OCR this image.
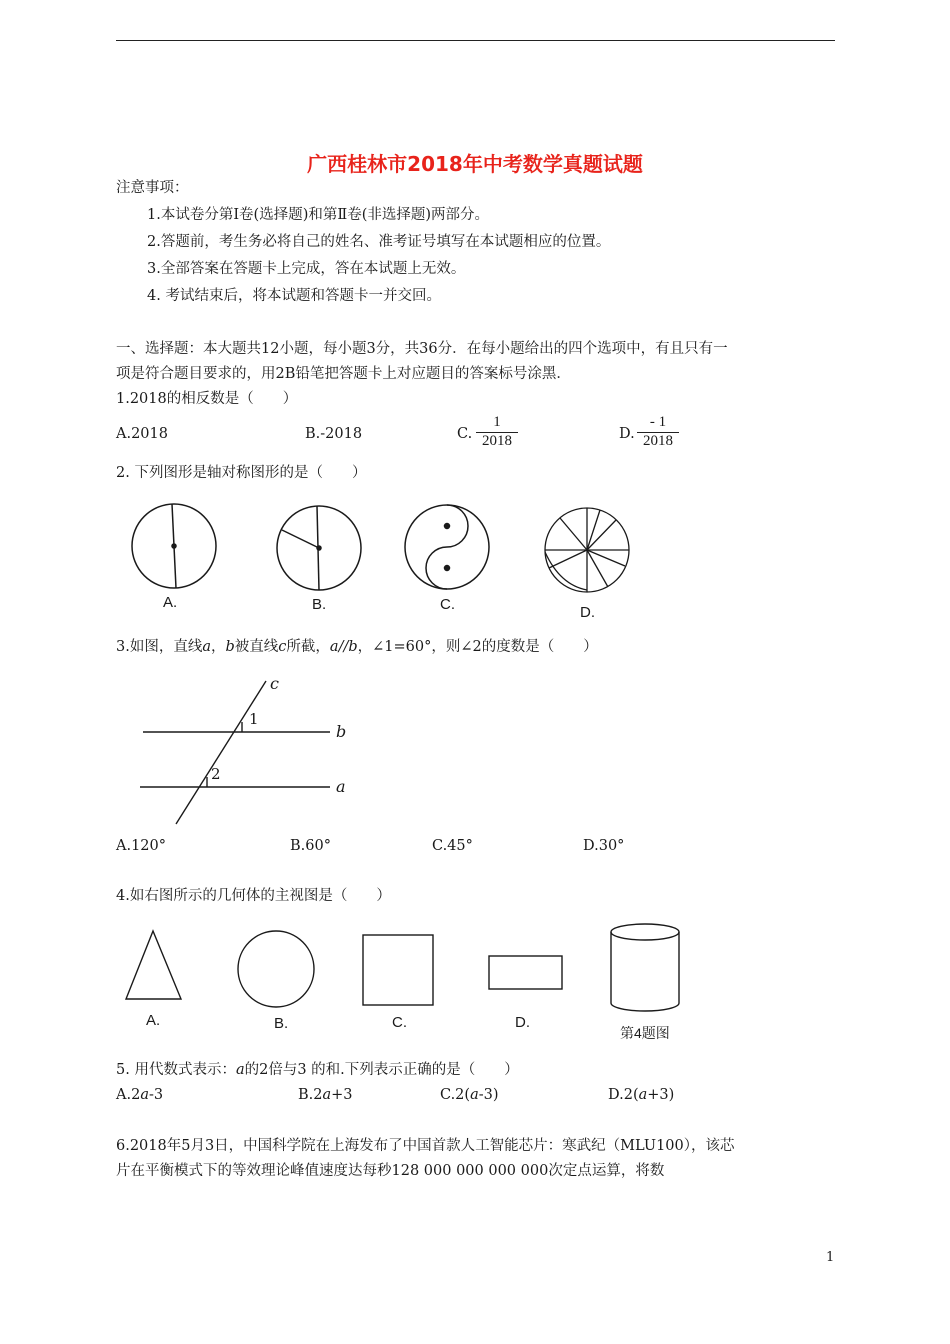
广西桂林市2018年中考数学真题试题
注意事项：
1.本试卷分第Ⅰ卷(选择题)和第Ⅱ卷(非选择题)两部分。
2.答题前，考生务必将自己的姓名、准考证号填写在本试题相应的位置。
3.全部答案在答题卡上完成，答在本试题上无效。
4. 考试结束后，将本试题和答题卡一并交回。
一、选择题：本大题共12小题，每小题3分，共36分．在每小题给出的四个选项中，有且只有一
项是符合题目要求的，用2B铅笔把答题卡上对应题目的答案标号涂黑．
1.2018的相反数是（　　）
A.2018	B.-2018	C.
1
2018	D.
- 1
2018
2. 下列图形是轴对称图形的是（　　）
A.	B.	C.	D.
3.如图，直线a，b被直线c所截，a//b，∠1=60°，则∠2的度数是（　　）
c
b
a
1
2
A.120°	B.60°	C.45°	D.30°
4.如右图所示的几何体的主视图是（　　）
A.	B.	C.	D.
第4题图
5. 用代数式表示：a的2倍与3 的和.下列表示正确的是（　　）
A.2a-3	B.2a+3	C.2(a-3)	D.2(a+3)
6.2018年5月3日，中国科学院在上海发布了中国首款人工智能芯片：寒武纪（MLU100），该芯
片在平衡模式下的等效理论峰值速度达每秒128 000 000 000 000次定点运算，将数
1
